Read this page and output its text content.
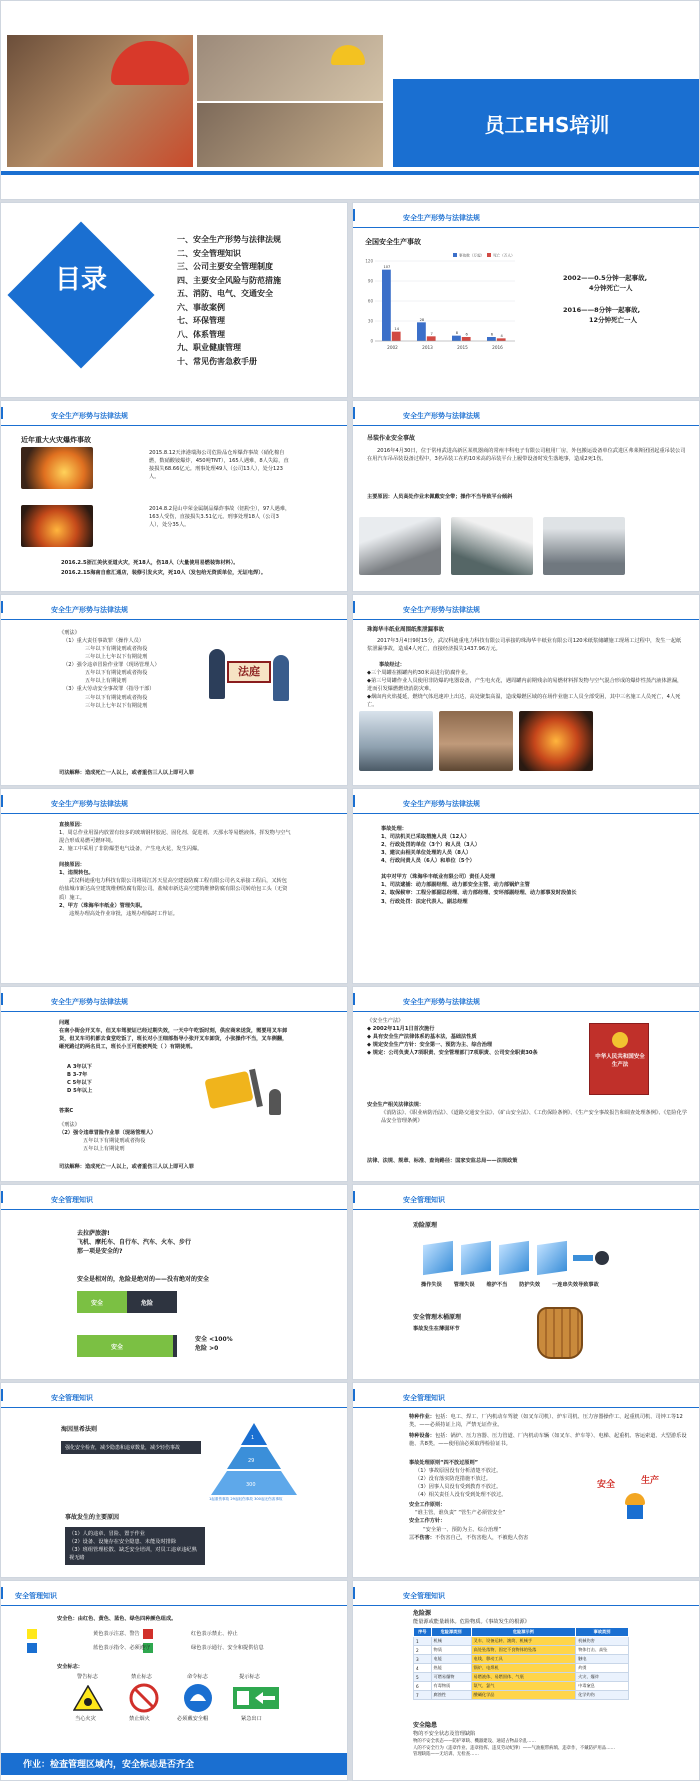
员工EHS培训
目录
一、安全生产形势与法律法规
二、安全管理知识
三、公司主要安全管理制度
四、主要安全风险与防范措施
五、消防、电气、交通安全
六、事故案例
七、环保管理
八、体系管理
九、职业健康管理
十、常见伤害急救手册
安全生产形势与法律法规
全国安全生产事故
0
30
60
90
120
107
14
2002
28
7
2013
8 6
2015
6 4
2016
事故数（万起） 死亡（万人）
2002——0.5分钟一起事故,
4分钟死亡一人
2016——8分钟一起事故,
12分钟死亡一人
安全生产形势与法律法规
近年重大火灾爆炸事故
2015.8.12天津港瑞海公司危险品仓库爆炸事故（硝化棉自燃，数硝酸铵爆炸，450吨TNT），165人遇难，8人失踪，直接损失68.66亿元。刑事处理49人（公司13人），处分123人。
2014.8.2昆山中荣金属制品爆炸事故（铝粉尘），97人遇难，163人受伤，直接损失3.51亿元。刑事处理18人（公司3人），处分35人。
2016.2.5浙江美伙亚道火灾，死18人，伤18人（大量使用易燃装饰材料）。
2016.2.15海南自愈汇通店，装修引发火灾，死10人（发包给无资质单位，无证电焊）。
安全生产形势与法律法规
吊装作业安全事故
2016年4月30日，位于常州武进高新区某机器商的常州丰科电子有限公司租用厂房，外包搬运设备单位武进区弗莱斯团团起重吊装公司在用汽车吊吊装设备过程中，3名吊装工在约10米高的吊装平台上履带设备时发生落地事，造成2死1伤。
主要原因：人员高处作业未佩戴安全带；操作不当导致平台倾斜
安全生产形势与法律法规
《刑法》
（1）重大责任事故罪（操作人员）
三年以下有期徒刑或者拘役
三年以上七年以下有期徒刑
（2）强令违章冒险作业罪（现场管理人）
五年以下有期徒刑或者拘役
五年以上有期徒刑
（3）重大劳动安全事故罪（指导干部）
三年以下有期徒刑或者拘役
三年以上七年以下有期徒刑
法庭
司法解释：造成死亡一人以上，或者重伤三人以上即可入罪
安全生产形势与法律法规
珠海华丰纸业周围纸浆泄漏事故
2017年3月4日9时15分，武汉科迪重电力科技有限公司承接的珠海华丰纸业有限公司120米纸浆储罐施工现场工过程中，发生一起纸浆泄漏事故，造成4人死亡，直接经济损失1437.96万元。
事故经过：
◆三个周罐在搬罐内约30米高进行防腐作业。
◆第三号周罐作业人员使用非防爆的电器设备，产生电火花，遇周罐内前期残余的易燃材料挥发物与空气混合形成的爆炸性蒸汽液体泄漏，迸而引发爆燃燃烧消防灾难。
◆烟囱内火焰蔓延，燃烧气体迅速冲上出达，高处聚集高温，造成爆燃区域的在场作业施工人员全部受困，其中三名施工人员死亡，4人死亡。
安全生产形势与法律法规
直接原因：
1、周总作业用湿内放置有较多的玻璃钢材胶泥、固化剂、促进剂、天那水等易燃液体，挥发物与空气混合形成易燃可燃环境。
2、施工中采用了非防爆型电气设备，产生电火花，发生闪爆。
间接原因：
1、违规转包。
武汉科迪重电力科技有限公司将周江苏天星高空建设防腐工程有限公司名义承接工程后，又转包给盐城市新达高空建筑维修防腐有限公司。盐城市新达高空建筑维修防腐有限公司转给包工头（无资质）施工。
2、甲方（珠海华丰纸业）管理失职。
违规办理高处作业审批，违规办理临时工作证。
安全生产形势与法律法规
事故处理：
1、司法机关已采取措施人员（12人）
2、行政处罚的单位（3个）和人员（3人）
3、建议由相关单位处理的人员（8人）
4、行政问责人员（6人）和单位（5个）
其中对甲方（珠海华丰纸业有限公司）责任人处理
1、司法逮捕：动力部副经理、动力部安全主管、动力部锅炉主管
2、取保候审：工程分部副总经理、动力部经理、安环部副经理、动力部事发时段值长
3、行政处罚：法定代表人、副总经理
安全生产形势与法律法规
问题
在南小街会开叉车，但叉车驾驶证已经过期失效，一天中午吃饭时刻，供应商来送货，需要用叉车卸货，但叉车司机都去食堂吃饭了，班长对小王细部指导小张开叉车卸货，小张操作不当，叉车侧翻，砸死路过的两名员工，班长小王可能被判处（ ）有期徒刑。
A 3年以下
B 3-7年
C 5年以下
D 5年以上
答案C
《刑法》
（2）强令违章冒险作业罪（现场管理人）
五年以下有期徒刑或者拘役
五年以上有期徒刑
司法解释：造成死亡一人以上，或者重伤三人以上即可入罪
安全生产形势与法律法规
《安全生产法》
◆ 2002年11月1日首次施行
◆ 具有安全生产法律体系的基本法，基础法性质
◆ 规定安全生产方针：安全第一、预防为主、综合治理
◆ 规定：公司负责人7项职责、安全管理部门7项职责、公司安全职责30条
中华人民共和国安全生产法
安全生产相关法律法规：
《消防法》、《职业病防治法》、《道路交通安全法》、《矿山安全法》、《工伤保险条例》、《生产安全事故报告和调查处理条例》、《危险化学品安全管理条例》
法律、法规、规章、标准、查询路径：国家安监总局——法规政策
安全管理知识
去拉萨旅游!
飞机、摩托车、自行车、汽车、火车、步行
那一项是安全的?
安全是相对的，危险是绝对的——没有绝对的安全
安全	危险
安全
安全 <100%
危险 >0
安全管理知识
劝险原理
操作失误 管理失误 维护不当 防护失效 一连串失效导致事故
安全管理木桶原理
事故发生在薄弱环节
安全管理知识
海因里希法则
强化安全检查，减少隐患和违章数量，减少轻伤事故
1
29
300
1起重伤事故 29起轻伤事故 300起无伤害事故
事故发生的主要原因
（1）人的违章、冒险、置于作业
（2）设备、设施存在安全隐患、未能及时排除
（3）班组管理松散、缺乏安全培训，对员工违章违纪熟视无睹
安全管理知识
特种作业：包括：电工、焊工、厂内机动车驾驶（如叉车司机）、炉车司机、压力容器操作工、起重机司机、司钟工等12类。——必须持证上岗，严禁无证作业。
特种设备：包括：锅炉、压力容器、压力管道、厂内机动车辆（如叉车、炉车等）、电梯、起重机、客运索道、大型游乐设施、共8类。——使用前必须取得检验证书。
事故处理原则“四不放过原则”
（1）事故原因没有分析清楚不放过。
（2）没有落实防范措施不放过。
（3）因事人员没有受到教育不放过。
（4）相关责任人没有受到处理不放过。
安全工作原则：
“谁主管，谁负责” “管生产必须管安全”
安全工作方针：
“安全第一、预防为主、综合治理”
三不伤害：不伤害自己，不伤害他人，不被他人伤害
安全	生产
安全管理知识
安全色：由红色、黄色、蓝色、绿色四种颜色组成。
黄色表示注意、警告
蓝色表示指令、必须遵守
红色表示禁止、停止
绿色表示通行、安全和提供信息
安全标志：
警告标志	禁止标志	命令标志	提示标志
当心火灾	禁止烟火	必须戴安全帽	紧急出口
作业：检查管理区域内，安全标志是否齐全
安全管理知识
危险源
能量源或能量载体。危险物质。《事故发生的根源》
序号	危险源类别	危险源示例	事故类别
1	机械	叉车、设备运转、滚筒、机械手	机械伤害
2	物质	高处坠落物、固定不良物体的坠落	物体打击、高坠
3	电能	电线、移动工具	触电
4	热能	锅炉、电焊机	灼烫
5	可燃易爆物	易燃液体、易燃固体、气瓶	火灾、爆炸
6	有毒物质	氨气、氯气	中毒窒息
7	腐蚀性	酸碱化学品	化学灼伤
安全隐患
物的不安全状态及管理缺陷
物的不安全状态——防护罩缺、機器建设、通道占物品杂乱……
人的不安全行为（违章作业、违章指挥、违反劳动纪律）——气油瓶带病填、违章作，不戴防护用品……
管理缺陷——无培训、无检查……
